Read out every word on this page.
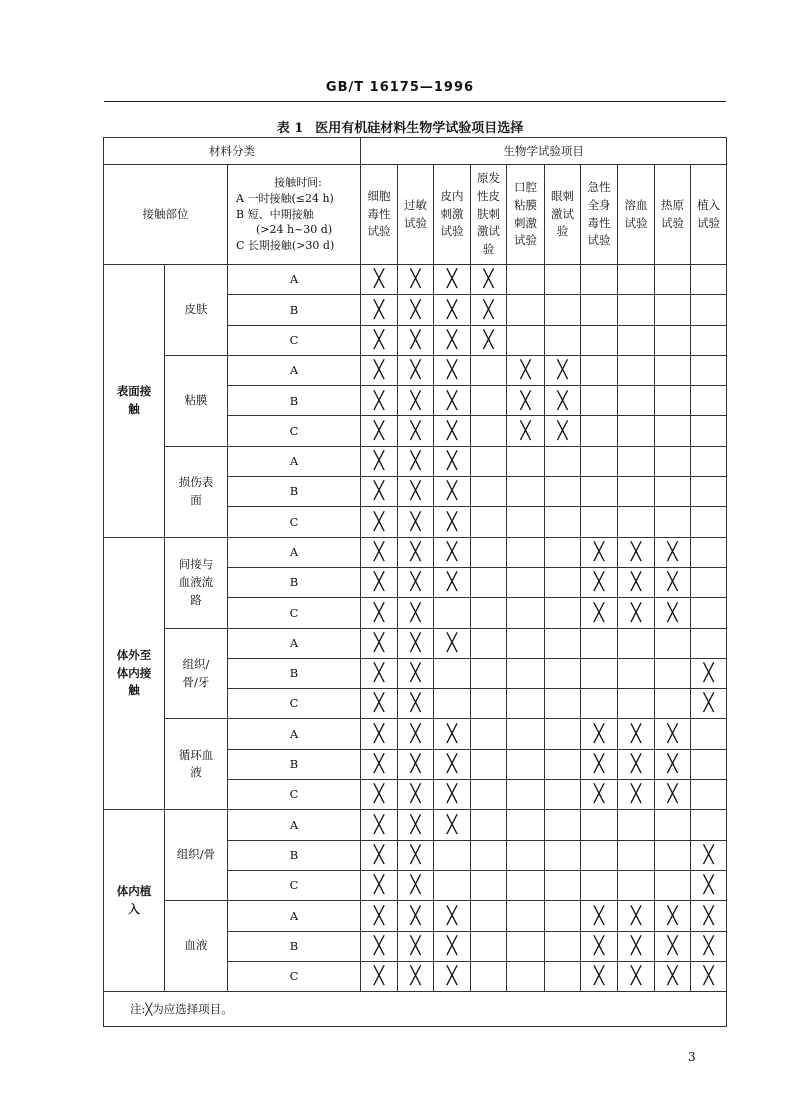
GB/T 16175—1996
表 1 医用有机硅材料生物学试验项目选择
材料分类			生物学试验项目									
接触部位		接触时间:
A 一时接触(≤24 h)
B 短、中期接触
(>24 h~30 d)
C 长期接触(>30 d)	细胞毒性试验	过敏试验	皮内刺激试验	原发性皮肤刺激试验	口腔粘膜刺激试验	眼刺激试验	急性全身毒性试验	溶血试验	热原试验	植入试验
表面接触	皮肤	A	╳	╳	╳	╳						
		B	╳	╳	╳	╳						
		C	╳	╳	╳	╳						
	粘膜	A	╳	╳	╳		╳	╳				
		B	╳	╳	╳		╳	╳				
		C	╳	╳	╳		╳	╳				
	损伤表面	A	╳	╳	╳							
		B	╳	╳	╳							
		C	╳	╳	╳							
体外至体内接触	间接与血液流路	A	╳	╳	╳				╳	╳	╳	
		B	╳	╳	╳				╳	╳	╳	
		C	╳	╳					╳	╳	╳	
	组织/骨/牙	A	╳	╳	╳							
		B	╳	╳								╳
		C	╳	╳								╳
	循环血液	A	╳	╳	╳				╳	╳	╳	
		B	╳	╳	╳				╳	╳	╳	
		C	╳	╳	╳				╳	╳	╳	
体内植入	组织/骨	A	╳	╳	╳							
		B	╳	╳								╳
		C	╳	╳								╳
	血液	A	╳	╳	╳				╳	╳	╳	╳
		B	╳	╳	╳				╳	╳	╳	╳
		C	╳	╳	╳				╳	╳	╳	╳
注:╳为应选择项目。												
3
